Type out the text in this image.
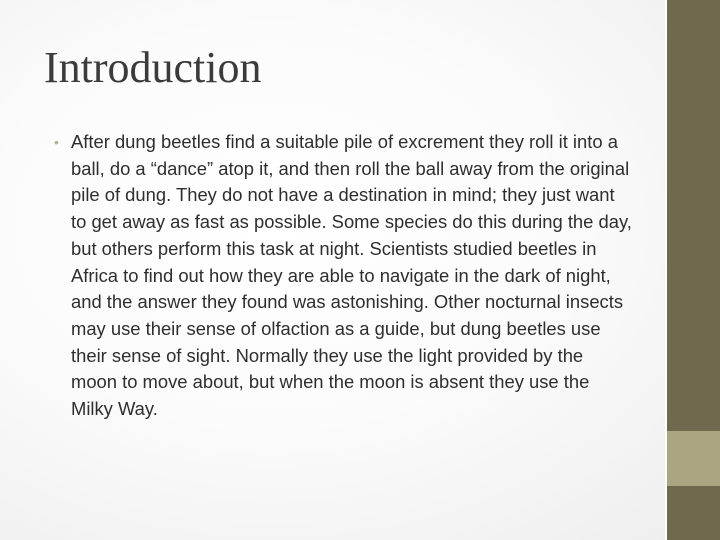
Introduction
• After dung beetles find a suitable pile of excrement they roll it into a ball, do a “dance” atop it, and then roll the ball away from the original pile of dung. They do not have a destination in mind; they just want to get away as fast as possible. Some species do this during the day, but others perform this task at night. Scientists studied beetles in Africa to find out how they are able to navigate in the dark of night, and the answer they found was astonishing. Other nocturnal insects may use their sense of olfaction as a guide, but dung beetles use their sense of sight. Normally they use the light provided by the moon to move about, but when the moon is absent they use the Milky Way.
